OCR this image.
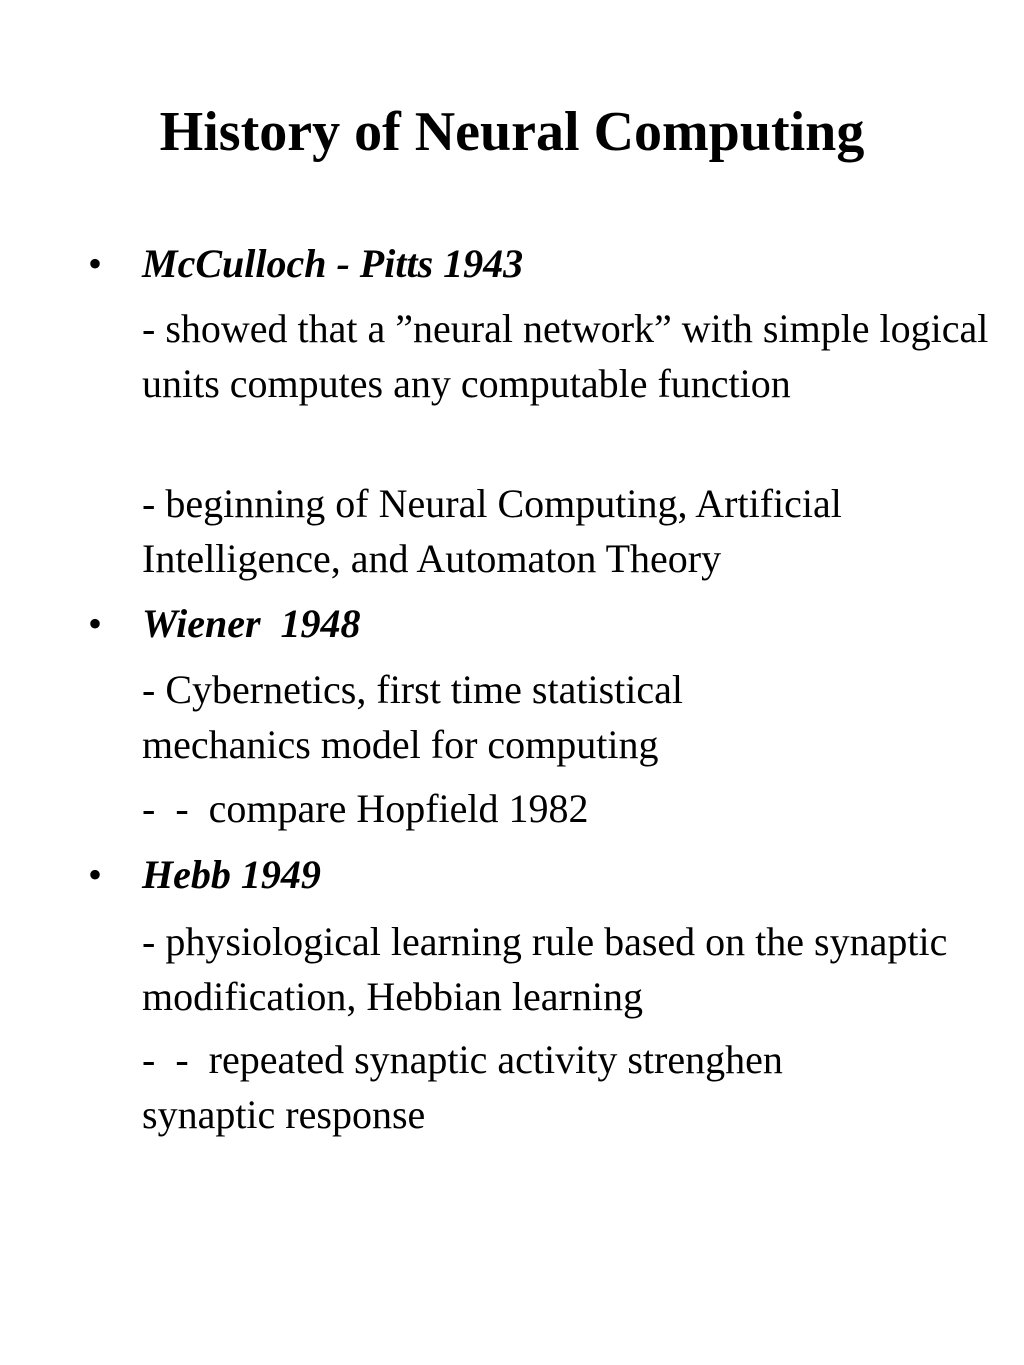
History of Neural Computing
• McCulloch - Pitts 1943
- showed that a ”neural network” with simple logical units computes any computable function
- beginning of Neural Computing, Artificial Intelligence, and Automaton Theory
• Wiener  1948
- Cybernetics, first time statistical mechanics model for computing
-  -  compare Hopfield 1982
• Hebb 1949
- physiological learning rule based on the synaptic modification, Hebbian learning
-  -  repeated synaptic activity strenghen synaptic response
